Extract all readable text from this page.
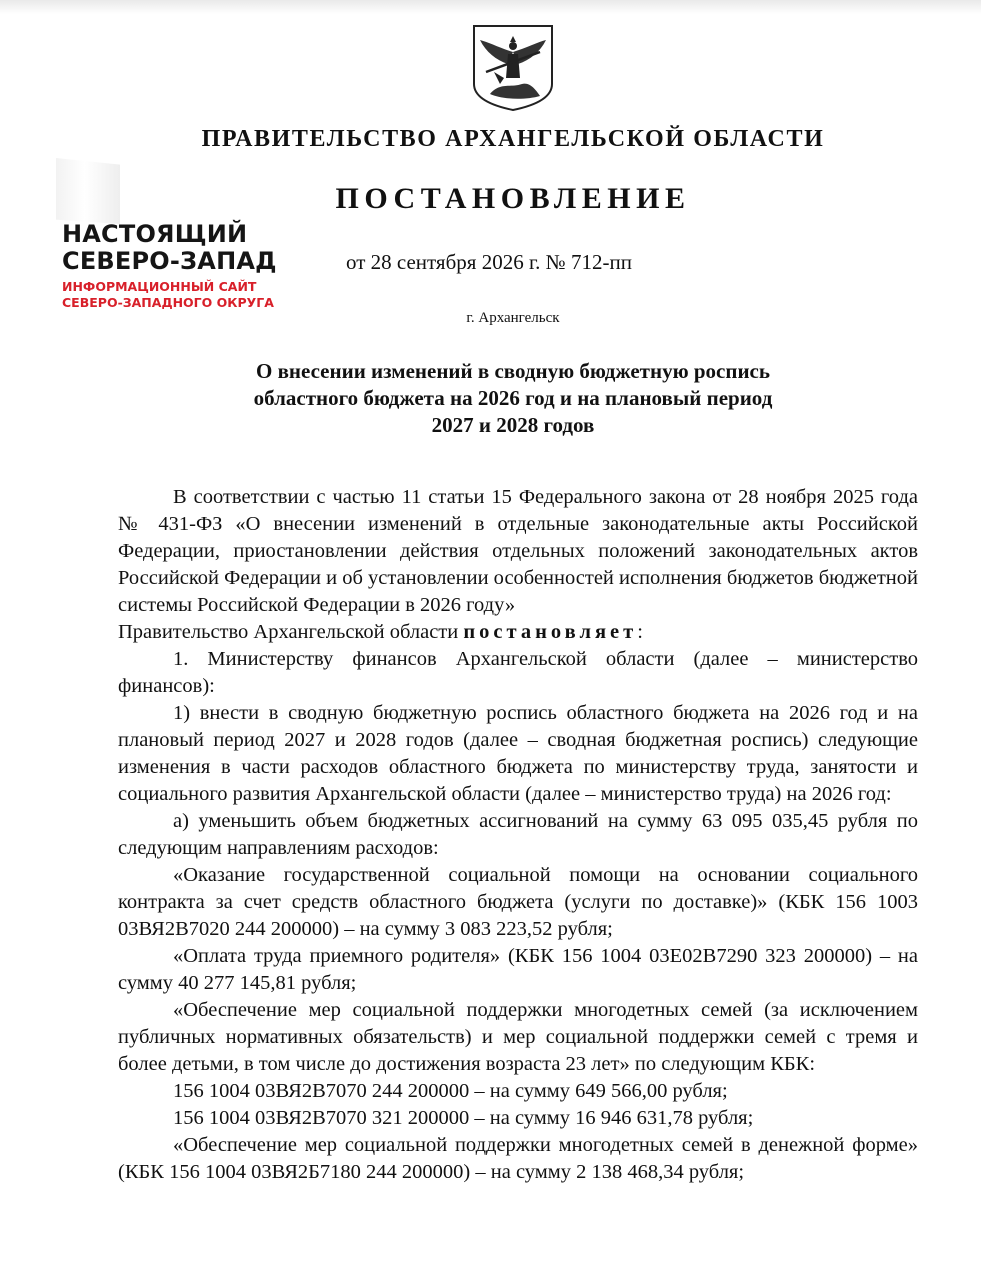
ПРАВИТЕЛЬСТВО АРХАНГЕЛЬСКОЙ ОБЛАСТИ
ПОСТАНОВЛЕНИЕ
от 28 сентября 2026 г. № 712-пп
г. Архангельск
НАСТОЯЩИЙ
СЕВЕРО-ЗАПАД
ИНФОРМАЦИОННЫЙ САЙТ
СЕВЕРО-ЗАПАДНОГО ОКРУГА
О внесении изменений в сводную бюджетную роспись
областного бюджета на 2026 год и на плановый период
2027 и 2028 годов

В соответствии с частью 11 статьи 15 Федерального закона от 28 ноября 2025 года № 431-ФЗ «О внесении изменений в отдельные законодательные акты Российской Федерации, приостановлении действия отдельных положений законодательных актов Российской Федерации и об установлении особенностей исполнения бюджетов бюджетной системы Российской Федерации в 2026 году»

Правительство Архангельской области постановляет:

1. Министерству финансов Архангельской области (далее – министерство финансов):

1) внести в сводную бюджетную роспись областного бюджета на 2026 год и на плановый период 2027 и 2028 годов (далее – сводная бюджетная роспись) следующие изменения в части расходов областного бюджета по министерству труда, занятости и социального развития Архангельской области (далее – министерство труда) на 2026 год:

а) уменьшить объем бюджетных ассигнований на сумму 63 095 035,45 рубля по следующим направлениям расходов:

«Оказание государственной социальной помощи на основании социального контракта за счет средств областного бюджета (услуги по доставке)» (КБК 156 1003 03ВЯ2В7020 244 200000) – на сумму 3 083 223,52 рубля;

«Оплата труда приемного родителя» (КБК 156 1004 03Е02В7290 323 200000) – на сумму 40 277 145,81 рубля;

«Обеспечение мер социальной поддержки многодетных семей (за исключением публичных нормативных обязательств) и мер социальной поддержки семей с тремя и более детьми, в том числе до достижения возраста 23 лет» по следующим КБК:

156 1004 03ВЯ2В7070 244 200000 – на сумму 649 566,00 рубля;

156 1004 03ВЯ2В7070 321 200000 – на сумму 16 946 631,78 рубля;

«Обеспечение мер социальной поддержки многодетных семей в денежной форме» (КБК 156 1004 03ВЯ2Б7180 244 200000) – на сумму 2 138 468,34 рубля;
